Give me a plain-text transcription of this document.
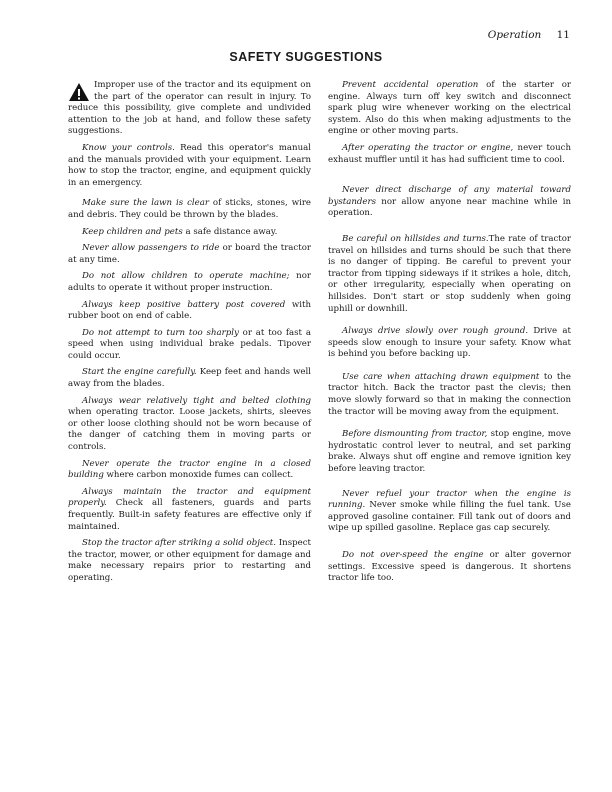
Operation 11
SAFETY SUGGESTIONS

Improper use of the tractor and its equipment on the part of the operator can result in injury. To reduce this possibility, give complete and undivided attention to the job at hand, and follow these safety suggestions.

Know your controls. Read this operator's manual and the manuals provided with your equipment. Learn how to stop the tractor, engine, and equipment quickly in an emergency.

Make sure the lawn is clear of sticks, stones, wire and debris. They could be thrown by the blades.

Keep children and pets a safe distance away.

Never allow passengers to ride or board the tractor at any time.

Do not allow children to operate machine; nor adults to operate it without proper instruction.

Always keep positive battery post covered with rubber boot on end of cable.

Do not attempt to turn too sharply or at too fast a speed when using individual brake pedals. Tipover could occur.

Start the engine carefully. Keep feet and hands well away from the blades.

Always wear relatively tight and belted clothing when operating tractor. Loose jackets, shirts, sleeves or other loose clothing should not be worn because of the danger of catching them in moving parts or controls.

Never operate the tractor engine in a closed building where carbon monoxide fumes can collect.

Always maintain the tractor and equipment properly. Check all fasteners, guards and parts frequently. Built-in safety features are effective only if maintained.

Stop the tractor after striking a solid object. Inspect the tractor, mower, or other equipment for damage and make necessary repairs prior to restarting and operating.

Prevent accidental operation of the starter or engine. Always turn off key switch and disconnect spark plug wire whenever working on the electrical system. Also do this when making adjustments to the engine or other moving parts.

After operating the tractor or engine, never touch exhaust muffler until it has had sufficient time to cool.

Never direct discharge of any material toward bystanders nor allow anyone near machine while in operation.

Be careful on hillsides and turns.The rate of tractor travel on hillsides and turns should be such that there is no danger of tipping. Be careful to prevent your tractor from tipping sideways if it strikes a hole, ditch, or other irregularity, especially when operating on hillsides. Don't start or stop suddenly when going uphill or downhill.

Always drive slowly over rough ground. Drive at speeds slow enough to insure your safety. Know what is behind you before backing up.

Use care when attaching drawn equipment to the tractor hitch. Back the tractor past the clevis; then move slowly forward so that in making the connection the tractor will be moving away from the equipment.

Before dismounting from tractor, stop engine, move hydrostatic control lever to neutral, and set parking brake. Always shut off engine and remove ignition key before leaving tractor.

Never refuel your tractor when the engine is running. Never smoke while filling the fuel tank. Use approved gasoline container. Fill tank out of doors and wipe up spilled gasoline. Replace gas cap securely.

Do not over-speed the engine or alter governor settings. Excessive speed is dangerous. It shortens tractor life too.
